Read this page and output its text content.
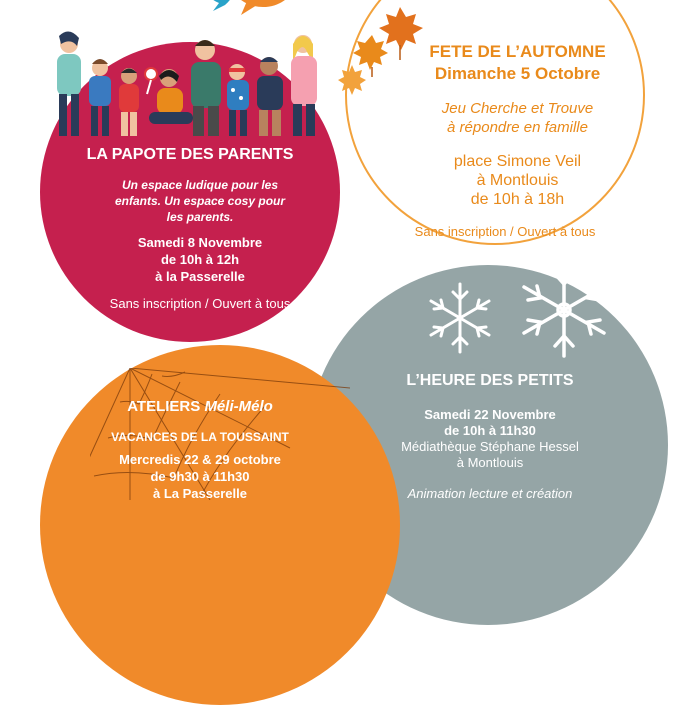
FETE DE L’AUTOMNE
Dimanche 5 Octobre
Jeu Cherche et Trouve
à répondre en famille
place Simone Veil
à Montlouis
de 10h à 18h
Sans inscription / Ouvert à tous
L’HEURE DES PETITS
Samedi 22 Novembre
de 10h à 11h30
Médiathèque Stéphane Hessel
à Montlouis
Animation lecture et création
ATELIERS Méli-Mélo
VACANCES DE LA TOUSSAINT
Mercredis 22 & 29 octobre
de 9h30 à 11h30
à La Passerelle
LA PAPOTE DES PARENTS
Un espace ludique pour les
enfants. Un espace cosy pour
les parents.
Samedi 8 Novembre
de 10h à 12h
à la Passerelle
Sans inscription / Ouvert à tous
